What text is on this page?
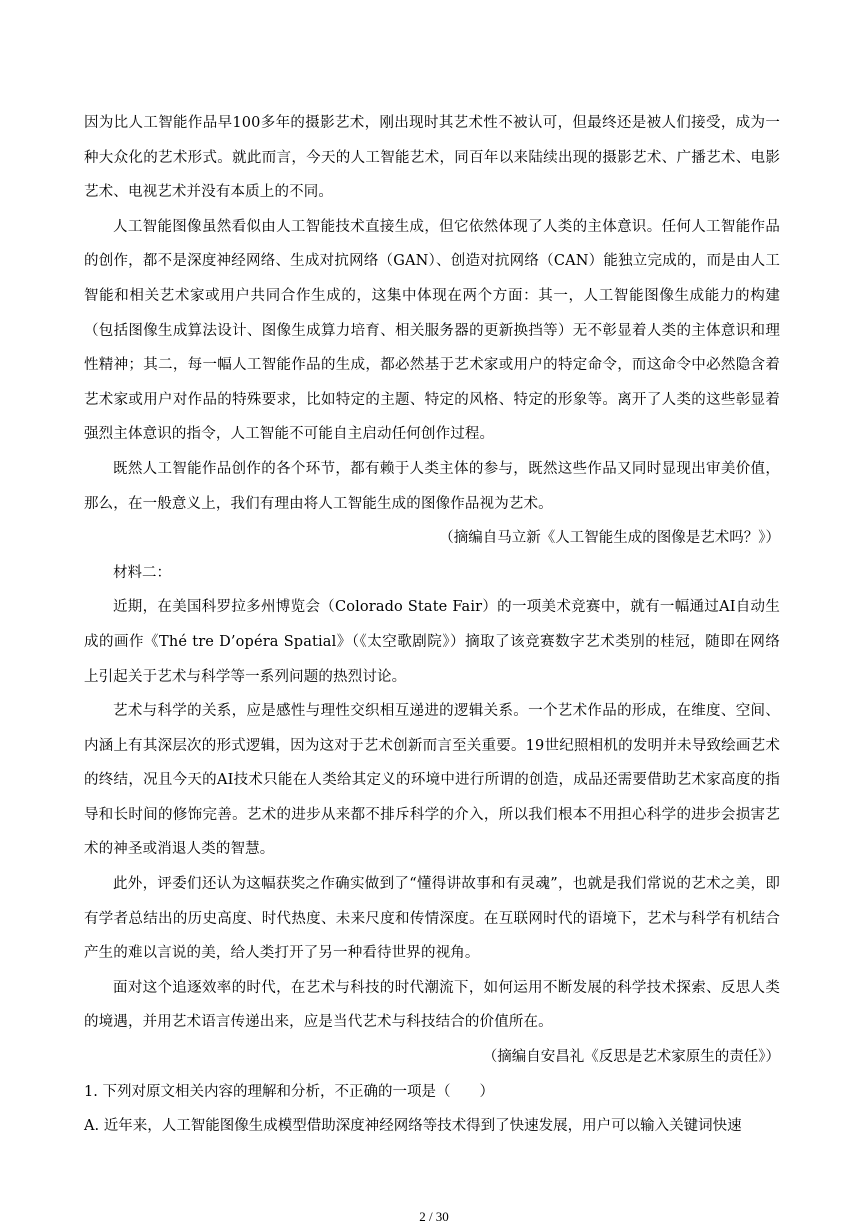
因为比人工智能作品早100多年的摄影艺术，刚出现时其艺术性不被认可，但最终还是被人们接受，成为一种大众化的艺术形式。就此而言，今天的人工智能艺术，同百年以来陆续出现的摄影艺术、广播艺术、电影艺术、电视艺术并没有本质上的不同。

人工智能图像虽然看似由人工智能技术直接生成，但它依然体现了人类的主体意识。任何人工智能作品的创作，都不是深度神经网络、生成对抗网络（GAN）、创造对抗网络（CAN）能独立完成的，而是由人工智能和相关艺术家或用户共同合作生成的，这集中体现在两个方面：其一，人工智能图像生成能力的构建（包括图像生成算法设计、图像生成算力培育、相关服务器的更新换挡等）无不彰显着人类的主体意识和理性精神；其二，每一幅人工智能作品的生成，都必然基于艺术家或用户的特定命令，而这命令中必然隐含着艺术家或用户对作品的特殊要求，比如特定的主题、特定的风格、特定的形象等。离开了人类的这些彰显着强烈主体意识的指令，人工智能不可能自主启动任何创作过程。

既然人工智能作品创作的各个环节，都有赖于人类主体的参与，既然这些作品又同时显现出审美价值，那么，在一般意义上，我们有理由将人工智能生成的图像作品视为艺术。

（摘编自马立新《人工智能生成的图像是艺术吗？》）

材料二：

近期，在美国科罗拉多州博览会（Colorado State Fair）的一项美术竞赛中，就有一幅通过AI自动生成的画作《Thé tre D’opéra Spatial》（《太空歌剧院》）摘取了该竞赛数字艺术类别的桂冠，随即在网络上引起关于艺术与科学等一系列问题的热烈讨论。

艺术与科学的关系，应是感性与理性交织相互递进的逻辑关系。一个艺术作品的形成，在维度、空间、内涵上有其深层次的形式逻辑，因为这对于艺术创新而言至关重要。19世纪照相机的发明并未导致绘画艺术的终结，况且今天的AI技术只能在人类给其定义的环境中进行所谓的创造，成品还需要借助艺术家高度的指导和长时间的修饰完善。艺术的进步从来都不排斥科学的介入，所以我们根本不用担心科学的进步会损害艺术的神圣或消退人类的智慧。

此外，评委们还认为这幅获奖之作确实做到了“懂得讲故事和有灵魂”，也就是我们常说的艺术之美，即有学者总结出的历史高度、时代热度、未来尺度和传情深度。在互联网时代的语境下，艺术与科学有机结合产生的难以言说的美，给人类打开了另一种看待世界的视角。

面对这个追逐效率的时代，在艺术与科技的时代潮流下，如何运用不断发展的科学技术探索、反思人类的境遇，并用艺术语言传递出来，应是当代艺术与科技结合的价值所在。

（摘编自安昌礼《反思是艺术家原生的责任》）

1. 下列对原文相关内容的理解和分析，不正确的一项是（　　）

A. 近年来，人工智能图像生成模型借助深度神经网络等技术得到了快速发展，用户可以输入关键词快速

2 / 30
